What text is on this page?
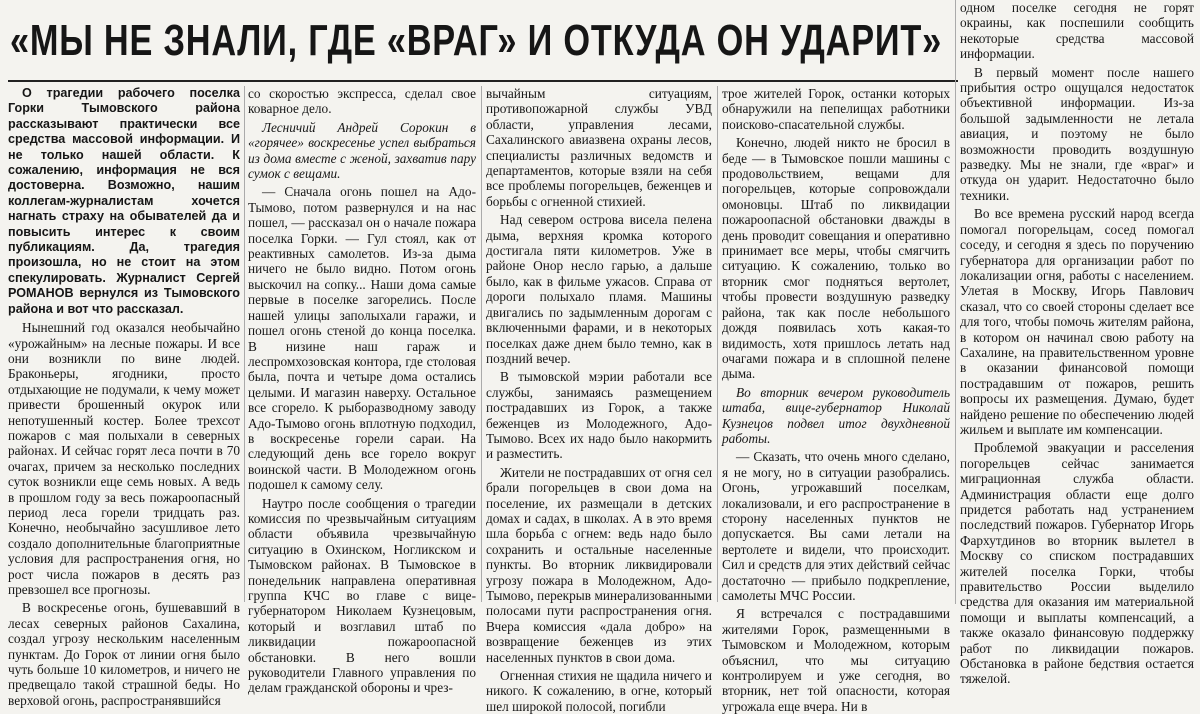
«МЫ НЕ ЗНАЛИ, ГДЕ «ВРАГ» И ОТКУДА ОН УДАРИТ»

О трагедии рабочего поселка Горки Тымовского района рассказывают практически все средства массовой информации. И не только нашей области. К сожалению, информация не вся достоверна. Возможно, нашим коллегам-журналистам хочется нагнать страху на обывателей да и повысить интерес к своим публикациям. Да, трагедия произошла, но не стоит на этом спекулировать. Журналист Сергей РОМАНОВ вернулся из Тымовского района и вот что рассказал.

Нынешний год оказался необычайно «урожайным» на лесные пожары. И все они возникли по вине людей. Браконьеры, ягодники, просто отдыхающие не подумали, к чему может привести брошенный окурок или непотушенный костер. Более трехсот пожаров с мая полыхали в северных районах. И сейчас горят леса почти в 70 очагах, причем за несколько последних суток возникли еще семь новых. А ведь в прошлом году за весь пожароопасный период леса горели тридцать раз. Конечно, необычайно засушливое лето создало дополнительные благоприятные условия для распространения огня, но рост числа пожаров в десять раз превзошел все прогнозы.

В воскресенье огонь, бушевавший в лесах северных районов Сахалина, создал угрозу нескольким населенным пунктам. До Горок от линии огня было чуть больше 10 километров, и ничего не предвещало такой страшной беды. Но верховой огонь, распространявшийся

со скоростью экспресса, сделал свое коварное дело.

Лесничий Андрей Сорокин в «горячее» воскресенье успел выбраться из дома вместе с женой, захватив пару сумок с вещами.

— Сначала огонь пошел на Адо-Тымово, потом развернулся и на нас пошел, — рассказал он о начале пожара поселка Горки. — Гул стоял, как от реактивных самолетов. Из-за дыма ничего не было видно. Потом огонь выскочил на сопку... Наши дома самые первые в поселке загорелись. После нашей улицы заполыхали гаражи, и пошел огонь стеной до конца поселка. В низине наш гараж и леспромхозовская контора, где столовая была, почта и четыре дома остались целыми. И магазин наверху. Остальное все сгорело. К рыборазводному заводу Адо-Тымово огонь вплотную подходил, в воскресенье горели сараи. На следующий день все горело вокруг воинской части. В Молодежном огонь подошел к самому селу.

Наутро после сообщения о трагедии комиссия по чрезвычайным ситуациям области объявила чрезвычайную ситуацию в Охинском, Ногликском и Тымовском районах. В Тымовское в понедельник направлена оперативная группа КЧС во главе с вице-губернатором Николаем Кузнецовым, который и возглавил штаб по ликвидации пожароопасной обстановки. В него вошли руководители Главного управления по делам гражданской обороны и чрез-

вычайным ситуациям, противопожарной службы УВД области, управления лесами, Сахалинского авиазвена охраны лесов, специалисты различных ведомств и департаментов, которые взяли на себя все проблемы погорельцев, беженцев и борьбы с огненной стихией.

Над севером острова висела пелена дыма, верхняя кромка которого достигала пяти километров. Уже в районе Онор несло гарью, а дальше было, как в фильме ужасов. Справа от дороги полыхало пламя. Машины двигались по задымленным дорогам с включенными фарами, и в некоторых поселках даже днем было темно, как в поздний вечер.

В тымовской мэрии работали все службы, занимаясь размещением пострадавших из Горок, а также беженцев из Молодежного, Адо-Тымово. Всех их надо было накормить и разместить.

Жители не пострадавших от огня сел брали погорельцев в свои дома на поселение, их размещали в детских домах и садах, в школах. А в это время шла борьба с огнем: ведь надо было сохранить и остальные населенные пункты. Во вторник ликвидировали угрозу пожара в Молодежном, Адо-Тымово, перекрыв минерализованными полосами пути распространения огня. Вчера комиссия «дала добро» на возвращение беженцев из этих населенных пунктов в свои дома.

Огненная стихия не щадила ничего и никого. К сожалению, в огне, который шел широкой полосой, погибли

трое жителей Горок, останки которых обнаружили на пепелищах работники поисково-спасательной службы.

Конечно, людей никто не бросил в беде — в Тымовское пошли машины с продовольствием, вещами для погорельцев, которые сопровождали омоновцы. Штаб по ликвидации пожароопасной обстановки дважды в день проводит совещания и оперативно принимает все меры, чтобы смягчить ситуацию. К сожалению, только во вторник смог подняться вертолет, чтобы провести воздушную разведку района, так как после небольшого дождя появилась хоть какая-то видимость, хотя пришлось летать над очагами пожара и в сплошной пелене дыма.

Во вторник вечером руководитель штаба, вице-губернатор Николай Кузнецов подвел итог двухдневной работы.

— Сказать, что очень много сделано, я не могу, но в ситуации разобрались. Огонь, угрожавший поселкам, локализовали, и его распространение в сторону населенных пунктов не допускается. Вы сами летали на вертолете и видели, что происходит. Сил и средств для этих действий сейчас достаточно — прибыло подкрепление, самолеты МЧС России.

Я встречался с пострадавшими жителями Горок, размещенными в Тымовском и Молодежном, которым объяснил, что мы ситуацию контролируем и уже сегодня, во вторник, нет той опасности, которая угрожала еще вчера. Ни в

одном поселке сегодня не горят окраины, как поспешили сообщить некоторые средства массовой информации.

В первый момент после нашего прибытия остро ощущался недостаток объективной информации. Из-за большой задымленности не летала авиация, и поэтому не было возможности проводить воздушную разведку. Мы не знали, где «враг» и откуда он ударит. Недостаточно было техники.

Во все времена русский народ всегда помогал погорельцам, сосед помогал соседу, и сегодня я здесь по поручению губернатора для организации работ по локализации огня, работы с населением. Улетая в Москву, Игорь Павлович сказал, что со своей стороны сделает все для того, чтобы помочь жителям района, в котором он начинал свою работу на Сахалине, на правительственном уровне в оказании финансовой помощи пострадавшим от пожаров, решить вопросы их размещения. Думаю, будет найдено решение по обеспечению людей жильем и выплате им компенсации.

Проблемой эвакуации и расселения погорельцев сейчас занимается миграционная служба области. Администрация области еще долго придется работать над устранением последствий пожаров. Губернатор Игорь Фархутдинов во вторник вылетел в Москву со списком пострадавших жителей поселка Горки, чтобы правительство России выделило средства для оказания им материальной помощи и выплаты компенсаций, а также оказало финансовую поддержку работ по ликвидации пожаров. Обстановка в районе бедствия остается тяжелой.
